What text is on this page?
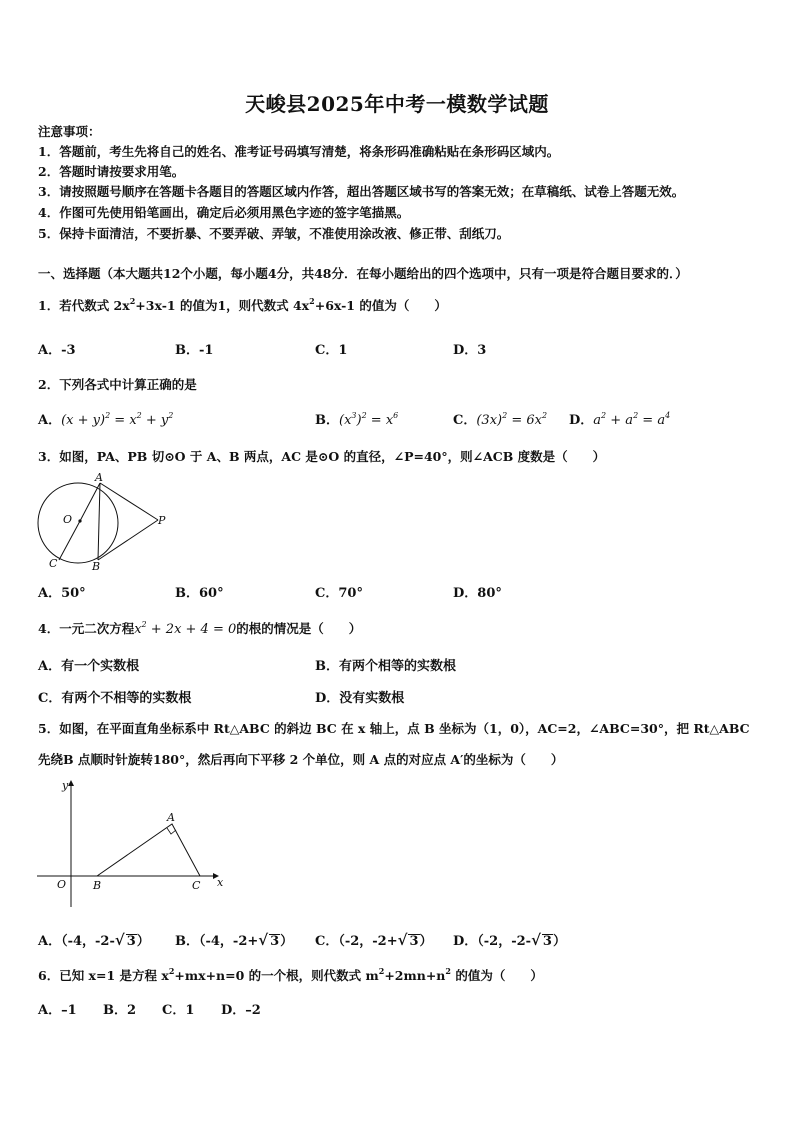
天峻县2025年中考一模数学试题
注意事项：
1．答题前，考生先将自己的姓名、准考证号码填写清楚，将条形码准确粘贴在条形码区域内。
2．答题时请按要求用笔。
3．请按照题号顺序在答题卡各题目的答题区域内作答，超出答题区域书写的答案无效；在草稿纸、试卷上答题无效。
4．作图可先使用铅笔画出，确定后必须用黑色字迹的签字笔描黑。
5．保持卡面清洁，不要折暴、不要弄破、弄皱，不准使用涂改液、修正带、刮纸刀。
一、选择题（本大题共12个小题，每小题4分，共48分．在每小题给出的四个选项中，只有一项是符合题目要求的．）
1．若代数式 $2x^2+3x-1$ 的值为1，则代数式 $4x^2+6x-1$ 的值为（　　）
A．-3	B．-1	C．1	D．3
2．下列各式中计算正确的是
A．$(x + y)^2 = x^2 + y^2$	B．$(x^3)^2 = x^6$	C．$(3x)^2 = 6x^2$ D．$a^2 + a^2 = a^4$
3．如图，PA、PB 切⊙O 于 A、B 两点，AC 是⊙O 的直径，∠P=40°，则∠ACB 度数是（　　）
A
O	P
C	B
A．50°	B．60°	C．70°	D．80°
4．一元二次方程$x^2 + 2x + 4 = 0$的根的情况是（　　）
A．有一个实数根	B．有两个相等的实数根
C．有两个不相等的实数根	D．没有实数根
5．如图，在平面直角坐标系中 Rt△ABC 的斜边 BC 在 x 轴上，点 B 坐标为（1，0），AC=2，∠ABC=30°，把 Rt△ABC
先绕B 点顺时针旋转180°，然后再向下平移 2 个单位，则 A 点的对应点 A′的坐标为（　　）
y
A
O B	C x
A．（-4，-2-√ 3） B．（-4，-2+√ 3） C．（-2，-2+√ 3） D．（-2，-2-√ 3）
6．已知 x=1 是方程 $x^2+mx+n=0$ 的一个根，则代数式 $m^2+2mn+n^2$ 的值为（　　）
A．–1 B．2 C．1 D．–2
